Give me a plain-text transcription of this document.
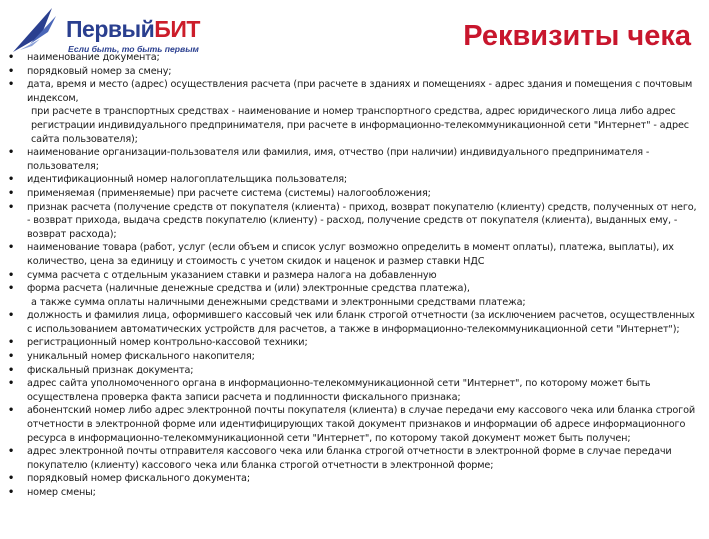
ПервыйБИТ
Если быть, то быть первым	Реквизиты чека
• наименование документа;
• порядковый номер за смену;
• дата, время и место (адрес) осуществления расчета (при расчете в зданиях и помещениях - адрес здания и помещения с почтовым индексом,
при расчете в транспортных средствах - наименование и номер транспортного средства, адрес юридического лица либо адрес регистрации индивидуального предпринимателя, при расчете в информационно-телекоммуникационной сети "Интернет" - адрес сайта пользователя);
• наименование организации-пользователя или фамилия, имя, отчество (при наличии) индивидуального предпринимателя - пользователя;
• идентификационный номер налогоплательщика пользователя;
• применяемая (применяемые) при расчете система (системы) налогообложения;
• признак расчета (получение средств от покупателя (клиента) - приход, возврат покупателю (клиенту) средств, полученных от него, - возврат прихода, выдача средств покупателю (клиенту) - расход, получение средств от покупателя (клиента), выданных ему, - возврат расхода);
• наименование товара (работ, услуг (если объем и список услуг возможно определить в момент оплаты), платежа, выплаты), их количество, цена за единицу и стоимость с учетом скидок и наценок и размер ставки НДС
• сумма расчета с отдельным указанием ставки и размера налога на добавленную
• форма расчета (наличные денежные средства и (или) электронные средства платежа),
а также сумма оплаты наличными денежными средствами и электронными средствами платежа;
• должность и фамилия лица, оформившего кассовый чек или бланк строгой отчетности (за исключением расчетов, осуществленных с использованием автоматических устройств для расчетов, а также в информационно-телекоммуникационной сети "Интернет");
• регистрационный номер контрольно-кассовой техники;
• уникальный номер фискального накопителя;
• фискальный признак документа;
• адрес сайта уполномоченного органа в информационно-телекоммуникационной сети "Интернет", по которому может быть осуществлена проверка факта записи расчета и подлинности фискального признака;
• абонентский номер либо адрес электронной почты покупателя (клиента) в случае передачи ему кассового чека или бланка строгой отчетности в электронной форме или идентифицирующих такой документ признаков и информации об адресе информационного ресурса в информационно-телекоммуникационной сети "Интернет", по которому такой документ может быть получен;
• адрес электронной почты отправителя кассового чека или бланка строгой отчетности в электронной форме в случае передачи покупателю (клиенту) кассового чека или бланка строгой отчетности в электронной форме;
• порядковый номер фискального документа;
• номер смены;
